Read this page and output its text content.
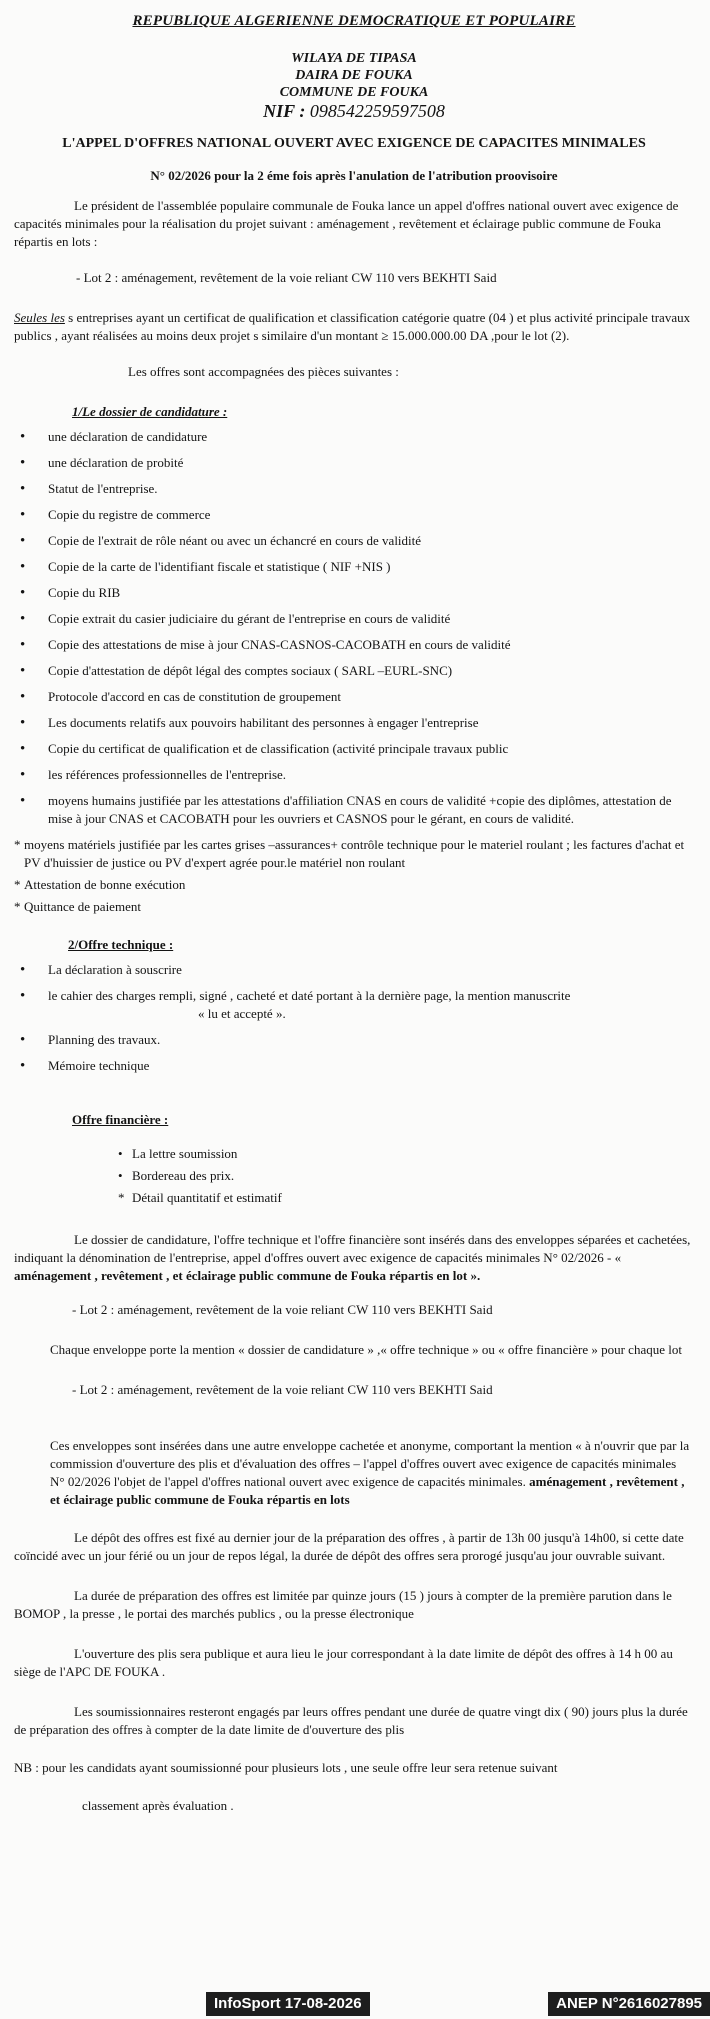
REPUBLIQUE ALGERIENNE DEMOCRATIQUE ET POPULAIRE
WILAYA DE TIPASA
DAIRA DE FOUKA
COMMUNE DE FOUKA
NIF : 098542259597508
L'APPEL D'OFFRES NATIONAL OUVERT AVEC EXIGENCE DE CAPACITES MINIMALES
N° 02/2026 pour la 2 éme fois après l'anulation de l'atribution proovisoire

Le président de l'assemblée populaire communale de Fouka lance un appel d'offres national ouvert avec exigence de capacités minimales pour la réalisation du projet suivant : aménagement , revêtement et éclairage public commune de Fouka répartis en lots :

- Lot 2 : aménagement, revêtement de la voie reliant CW 110 vers BEKHTI Said

Seules les s entreprises ayant un certificat de qualification et classification catégorie quatre (04 ) et plus activité principale travaux publics , ayant réalisées au moins deux projet s similaire d'un montant ≥ 15.000.000.00 DA ,pour le lot (2).

Les offres sont accompagnées des pièces suivantes :

1/Le dossier de candidature :
• une déclaration de candidature
• une déclaration de probité
• Statut de l'entreprise.
• Copie du registre de commerce
• Copie de l'extrait de rôle néant ou avec un échancré en cours de validité
• Copie de la carte de l'identifiant fiscale et statistique ( NIF +NIS )
• Copie du RIB
• Copie extrait du casier judiciaire du gérant de l'entreprise en cours de validité
• Copie des attestations de mise à jour CNAS-CASNOS-CACOBATH en cours de validité
• Copie d'attestation de dépôt légal des comptes sociaux ( SARL –EURL-SNC)
• Protocole d'accord en cas de constitution de groupement
• Les documents relatifs aux pouvoirs habilitant des personnes à engager l'entreprise
• Copie du certificat de qualification et de classification (activité principale travaux public
• les références professionnelles de l'entreprise.
• moyens humains justifiée par les attestations d'affiliation CNAS en cours de validité +copie des diplômes, attestation de mise à jour CNAS et CACOBATH pour les ouvriers et CASNOS pour le gérant, en cours de validité.
* moyens matériels justifiée par les cartes grises –assurances+ contrôle technique pour le materiel roulant ; les factures d'achat et PV d'huissier de justice ou PV d'expert agrée pour.le matériel non roulant
* Attestation de bonne exécution
* Quittance de paiement
2/Offre technique :
• La déclaration à souscrire
• le cahier des charges rempli, signé , cacheté et daté portant à la dernière page, la mention manuscrite
« lu et accepté ».
• Planning des travaux.
• Mémoire technique
Offre financière :
• La lettre soumission
• Bordereau des prix.
* Détail quantitatif et estimatif

Le dossier de candidature, l'offre technique et l'offre financière sont insérés dans des enveloppes séparées et cachetées, indiquant la dénomination de l'entreprise, appel d'offres ouvert avec exigence de capacités minimales N° 02/2026 - « aménagement , revêtement , et éclairage public commune de Fouka répartis en lot ».

- Lot 2 : aménagement, revêtement de la voie reliant CW 110 vers BEKHTI Said

Chaque enveloppe porte la mention « dossier de candidature » ,« offre technique » ou « offre financière » pour chaque lot

- Lot 2 : aménagement, revêtement de la voie reliant CW 110 vers BEKHTI Said

Ces enveloppes sont insérées dans une autre enveloppe cachetée et anonyme, comportant la mention « à n'ouvrir que par la commission d'ouverture des plis et d'évaluation des offres – l'appel d'offres ouvert avec exigence de capacités minimales N° 02/2026 l'objet de l'appel d'offres national ouvert avec exigence de capacités minimales. aménagement , revêtement , et éclairage public commune de Fouka répartis en lots

Le dépôt des offres est fixé au dernier jour de la préparation des offres , à partir de 13h 00 jusqu'à 14h00, si cette date coïncidé avec un jour férié ou un jour de repos légal, la durée de dépôt des offres sera prorogé jusqu'au jour ouvrable suivant.

La durée de préparation des offres est limitée par quinze jours (15 ) jours à compter de la première parution dans le BOMOP , la presse , le portai des marchés publics , ou la presse électronique

L'ouverture des plis sera publique et aura lieu le jour correspondant à la date limite de dépôt des offres à 14 h 00 au siège de l'APC DE FOUKA .

Les soumissionnaires resteront engagés par leurs offres pendant une durée de quatre vingt dix ( 90) jours plus la durée de préparation des offres à compter de la date limite de d'ouverture des plis

NB : pour les candidats ayant soumissionné pour plusieurs lots , une seule offre leur sera retenue suivant

classement après évaluation .

InfoSport 17-08-2026	ANEP N°2616027895
